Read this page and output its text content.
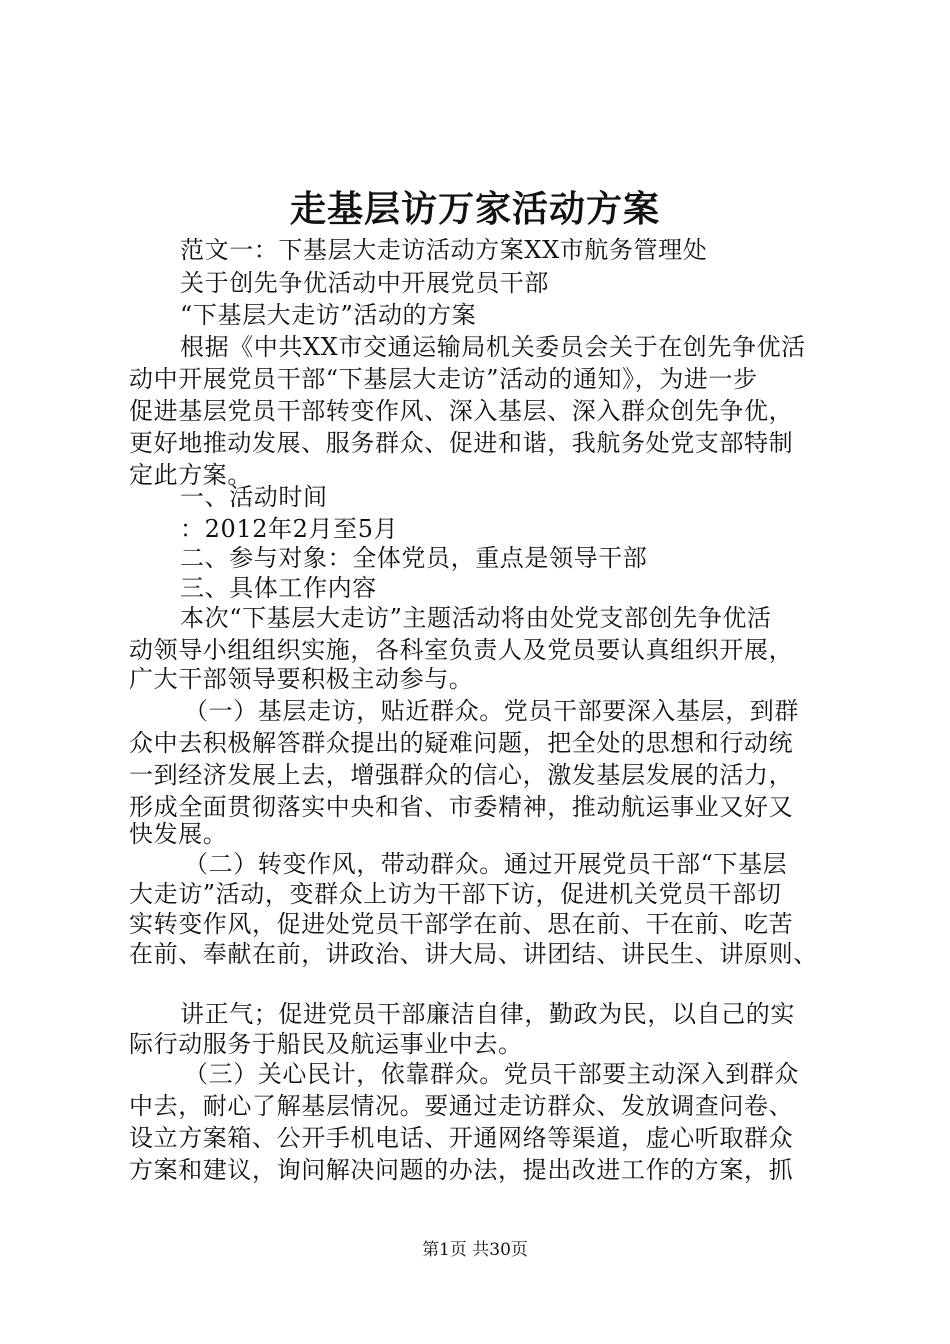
走基层访万家活动方案
范文一：下基层大走访活动方案XX市航务管理处
关于创先争优活动中开展党员干部
“下基层大走访”活动的方案
根据《中共XX市交通运输局机关委员会关于在创先争优活
动中开展党员干部“下基层大走访”活动的通知》，为进一步
促进基层党员干部转变作风、深入基层、深入群众创先争优，
更好地推动发展、服务群众、促进和谐，我航务处党支部特制
定此方案。
一、活动时间
：2012年2月至5月
二、参与对象：全体党员，重点是领导干部
三、具体工作内容
本次“下基层大走访”主题活动将由处党支部创先争优活
动领导小组组织实施，各科室负责人及党员要认真组织开展，
广大干部领导要积极主动参与。
（一）基层走访，贴近群众。党员干部要深入基层，到群
众中去积极解答群众提出的疑难问题，把全处的思想和行动统
一到经济发展上去，增强群众的信心，激发基层发展的活力，
形成全面贯彻落实中央和省、市委精神，推动航运事业又好又
快发展。
（二）转变作风，带动群众。通过开展党员干部“下基层
大走访”活动，变群众上访为干部下访，促进机关党员干部切
实转变作风，促进处党员干部学在前、思在前、干在前、吃苦
在前、奉献在前，讲政治、讲大局、讲团结、讲民生、讲原则、
讲正气；促进党员干部廉洁自律，勤政为民，以自己的实
际行动服务于船民及航运事业中去。
（三）关心民计，依靠群众。党员干部要主动深入到群众
中去，耐心了解基层情况。要通过走访群众、发放调查问卷、
设立方案箱、公开手机电话、开通网络等渠道，虚心听取群众
方案和建议，询问解决问题的办法，提出改进工作的方案，抓
第1页 共30页
